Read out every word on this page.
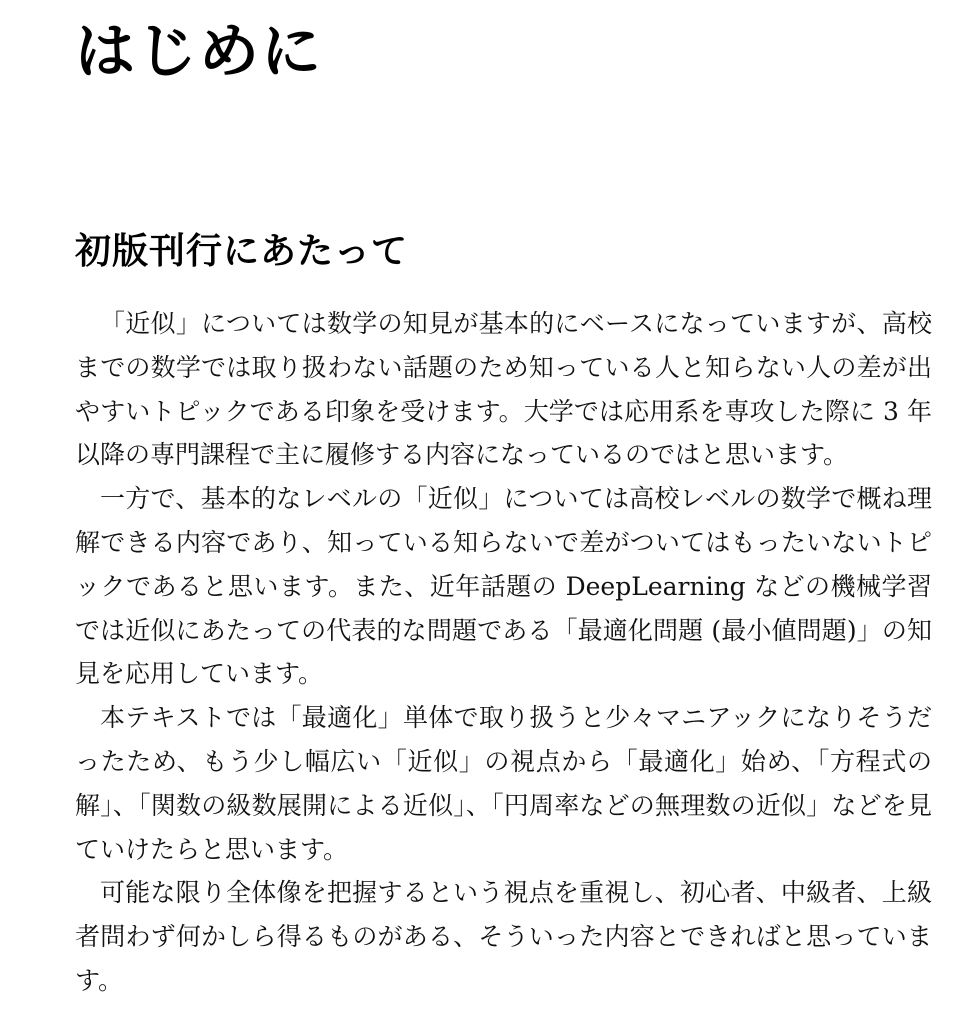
はじめに
初版刊行にあたって

「近似」については数学の知見が基本的にベースになっていますが、高校までの数学では取り扱わない話題のため知っている人と知らない人の差が出やすいトピックである印象を受けます。大学では応用系を専攻した際に 3 年以降の専門課程で主に履修する内容になっているのではと思います。

一方で、基本的なレベルの「近似」については高校レベルの数学で概ね理解できる内容であり、知っている知らないで差がついてはもったいないトピックであると思います。また、近年話題の DeepLearning などの機械学習では近似にあたっての代表的な問題である「最適化問題 (最小値問題)」の知見を応用しています。

本テキストでは「最適化」単体で取り扱うと少々マニアックになりそうだったため、もう少し幅広い「近似」の視点から「最適化」始め、「方程式の解」、「関数の級数展開による近似」、「円周率などの無理数の近似」などを見ていけたらと思います。

可能な限り全体像を把握するという視点を重視し、初心者、中級者、上級者問わず何かしら得るものがある、そういった内容とできればと思っています。
